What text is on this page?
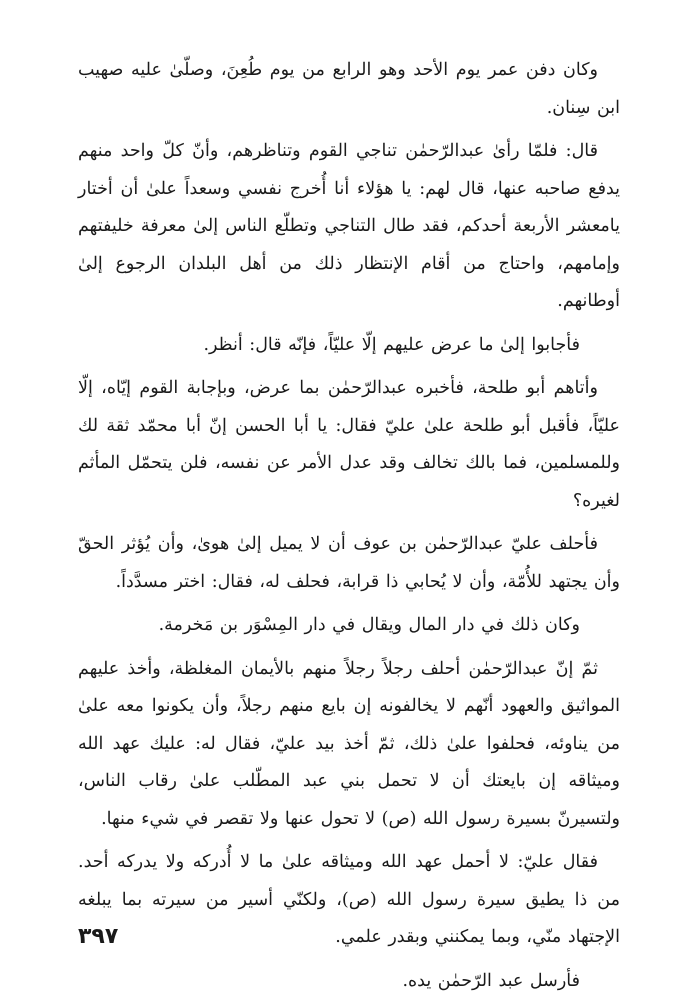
وكان دفن عمر يوم الأحد وهو الرابع من يوم طُعِنَ، وصلّىٰ عليه صهيب ابن سِنان.

قال: فلمّا رأىٰ عبدالرّحمٰن تناجي القوم وتناظرهم، وأنّ كلّ واحد منهم يدفع صاحبه عنها، قال لهم: يا هؤلاء أنا أُخرج نفسي وسعداً علىٰ أن أختار يامعشر الأربعة أحدكم، فقد طال التناجي وتطلّع الناس إلىٰ معرفة خليفتهم وإمامهم، واحتاج من أقام الإنتظار ذلك من أهل البلدان الرجوع إلىٰ أوطانهم.

فأجابوا إلىٰ ما عرض عليهم إلّا عليّاً، فإنّه قال: أنظر.

وأتاهم أبو طلحة، فأخبره عبدالرّحمٰن بما عرض، وبإجابة القوم إيّاه، إلّا عليّاً، فأقبل أبو طلحة علىٰ عليّ فقال: يا أبا الحسن إنّ أبا محمّد ثقة لك وللمسلمين، فما بالك تخالف وقد عدل الأمر عن نفسه، فلن يتحمّل المأثم لغيره؟

فأحلف عليّ عبدالرّحمٰن بن عوف أن لا يميل إلىٰ هوىٰ، وأن يُؤثر الحقّ وأن يجتهد للأُمّة، وأن لا يُحابي ذا قرابة، فحلف له، فقال: اختر مسدَّداً.

وكان ذلك في دار المال ويقال في دار المِسْوَر بن مَخرمة.

ثمّ إنّ عبدالرّحمٰن أحلف رجلاً رجلاً منهم بالأيمان المغلظة، وأخذ عليهم المواثيق والعهود أنّهم لا يخالفونه إن بايع منهم رجلاً، وأن يكونوا معه علىٰ من يناوئه، فحلفوا علىٰ ذلك، ثمّ أخذ بيد عليّ، فقال له: عليك عهد الله وميثاقه إن بايعتك أن لا تحمل بني عبد المطّلب علىٰ رقاب الناس، ولتسيرنّ بسيرة رسول الله (ص) لا تحول عنها ولا تقصر في شيء منها.

فقال عليّ: لا أحمل عهد الله وميثاقه علىٰ ما لا أُدركه ولا يدركه أحد. من ذا يطيق سيرة رسول الله (ص)، ولكنّي أسير من سيرته بما يبلغه الإجتهاد منّي، وبما يمكنني وبقدر علمي.

فأرسل عبد الرّحمٰن يده.

٣٩٧
